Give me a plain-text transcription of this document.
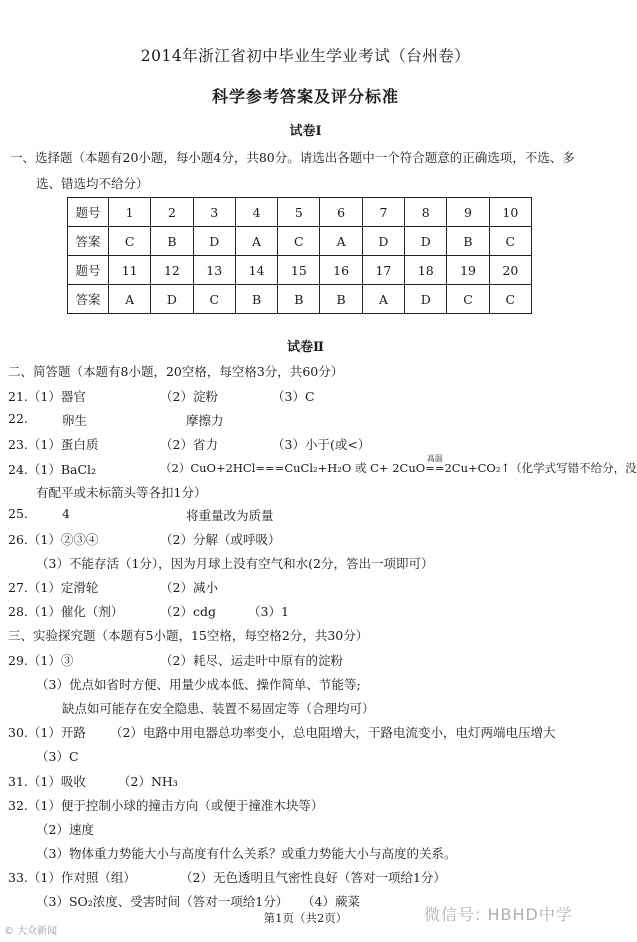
2014年浙江省初中毕业生学业考试（台州卷）
科学参考答案及评分标准
试卷Ⅰ
一、选择题（本题有20小题，每小题4分，共80分。请选出各题中一个符合题意的正确选项，不选、多
选、错选均不给分）
题号	1	2	3	4	5	6	7	8	9	10
答案	C	B	D	A	C	A	D	D	B	C
题号	11	12	13	14	15	16	17	18	19	20
答案	A	D	C	B	B	B	A	D	C	C
试卷Ⅱ
二、简答题（本题有8小题，20空格，每空格3分，共60分）
21.（1）器官	（2）淀粉	（3）C
22.	卵生	摩擦力
23.（1）蛋白质	（2）省力	（3）小于(或<）
24.（1）BaCl₂	（2）CuO+2HCl===CuCl₂+H₂O 或 C+ 2CuO
高温
==2Cu+CO₂↑（化学式写错不给分，没
有配平或未标箭头等各扣1分）
25.	4	将重量改为质量
26.（1）②③④	（2）分解（或呼吸）
（3）不能存活（1分），因为月球上没有空气和水(2分，答出一项即可）
27.（1）定滑轮	（2）减小
28.（1）催化（剂）	（2）cdg	（3）1
三、实验探究题（本题有5小题，15空格，每空格2分，共30分）
29.（1）③	（2）耗尽、运走叶中原有的淀粉
（3）优点如省时方便、用量少成本低、操作简单、节能等;
缺点如可能存在安全隐患、装置不易固定等（合理均可）
30.（1）开路 （2）电路中用电器总功率变小，总电阻增大，干路电流变小，电灯两端电压增大
（3）C
31.（1）吸收	（2）NH₃
32.（1）便于控制小球的撞击方向（或便于撞准木块等）
（2）速度
（3）物体重力势能大小与高度有什么关系？或重力势能大小与高度的关系。
33.（1）作对照（组）	（2）无色透明且气密性良好（答对一项给1分）
（3）SO₂浓度、受害时间（答对一项给1分） （4）蕨菜
第1页（共2页）
© 大众新闻
微信号: HBHD中学
